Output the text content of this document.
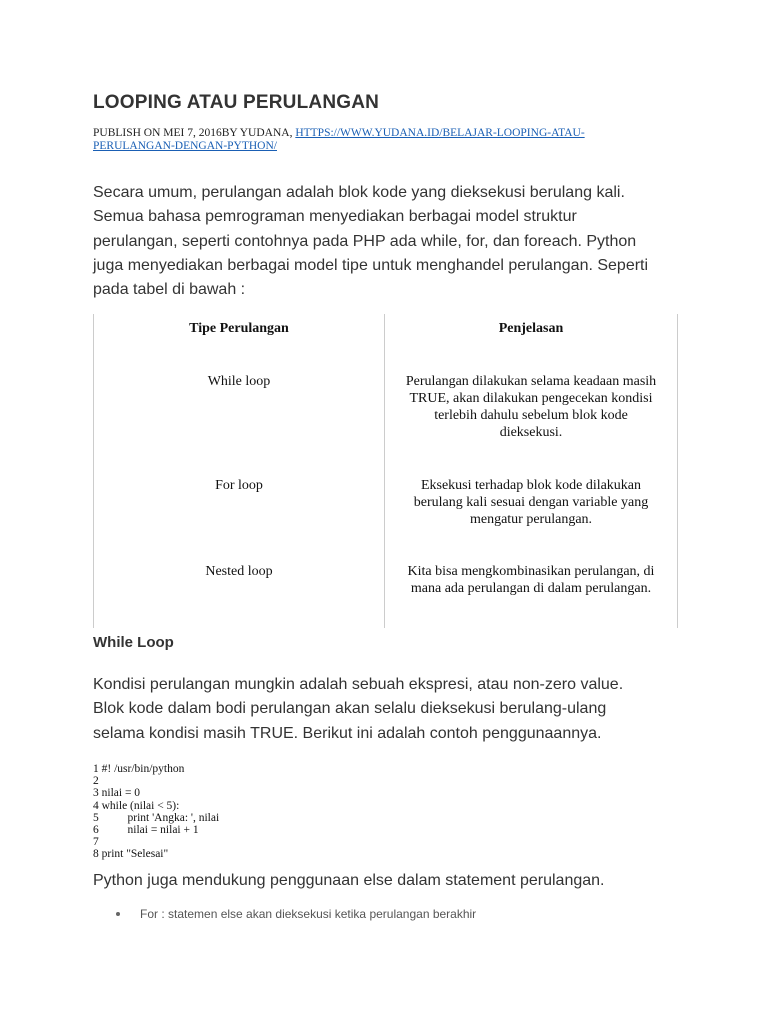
LOOPING ATAU PERULANGAN
PUBLISH ON MEI 7, 2016BY YUDANA, HTTPS://WWW.YUDANA.ID/BELAJAR-LOOPING-ATAU-
PERULANGAN-DENGAN-PYTHON/

Secara umum, perulangan adalah blok kode yang dieksekusi berulang kali.
Semua bahasa pemrograman menyediakan berbagai model struktur
perulangan, seperti contohnya pada PHP ada while, for, dan foreach. Python
juga menyediakan berbagai model tipe untuk menghandel perulangan. Seperti
pada tabel di bawah :

Tipe Perulangan	Penjelasan
While loop	Perulangan dilakukan selama keadaan masih
TRUE, akan dilakukan pengecekan kondisi
terlebih dahulu sebelum blok kode
dieksekusi.
For loop	Eksekusi terhadap blok kode dilakukan
berulang kali sesuai dengan variable yang
mengatur perulangan.
Nested loop	Kita bisa mengkombinasikan perulangan, di
mana ada perulangan di dalam perulangan.
While Loop

Kondisi perulangan mungkin adalah sebuah ekspresi, atau non-zero value.
Blok kode dalam bodi perulangan akan selalu dieksekusi berulang-ulang
selama kondisi masih TRUE. Berikut ini adalah contoh penggunaannya.

1 #! /usr/bin/python
2
3 nilai = 0
4 while (nilai < 5):
5          print 'Angka: ', nilai
6          nilai = nilai + 1
7
8 print "Selesai"

Python juga mendukung penggunaan else dalam statement perulangan.

For : statemen else akan dieksekusi ketika perulangan berakhir
